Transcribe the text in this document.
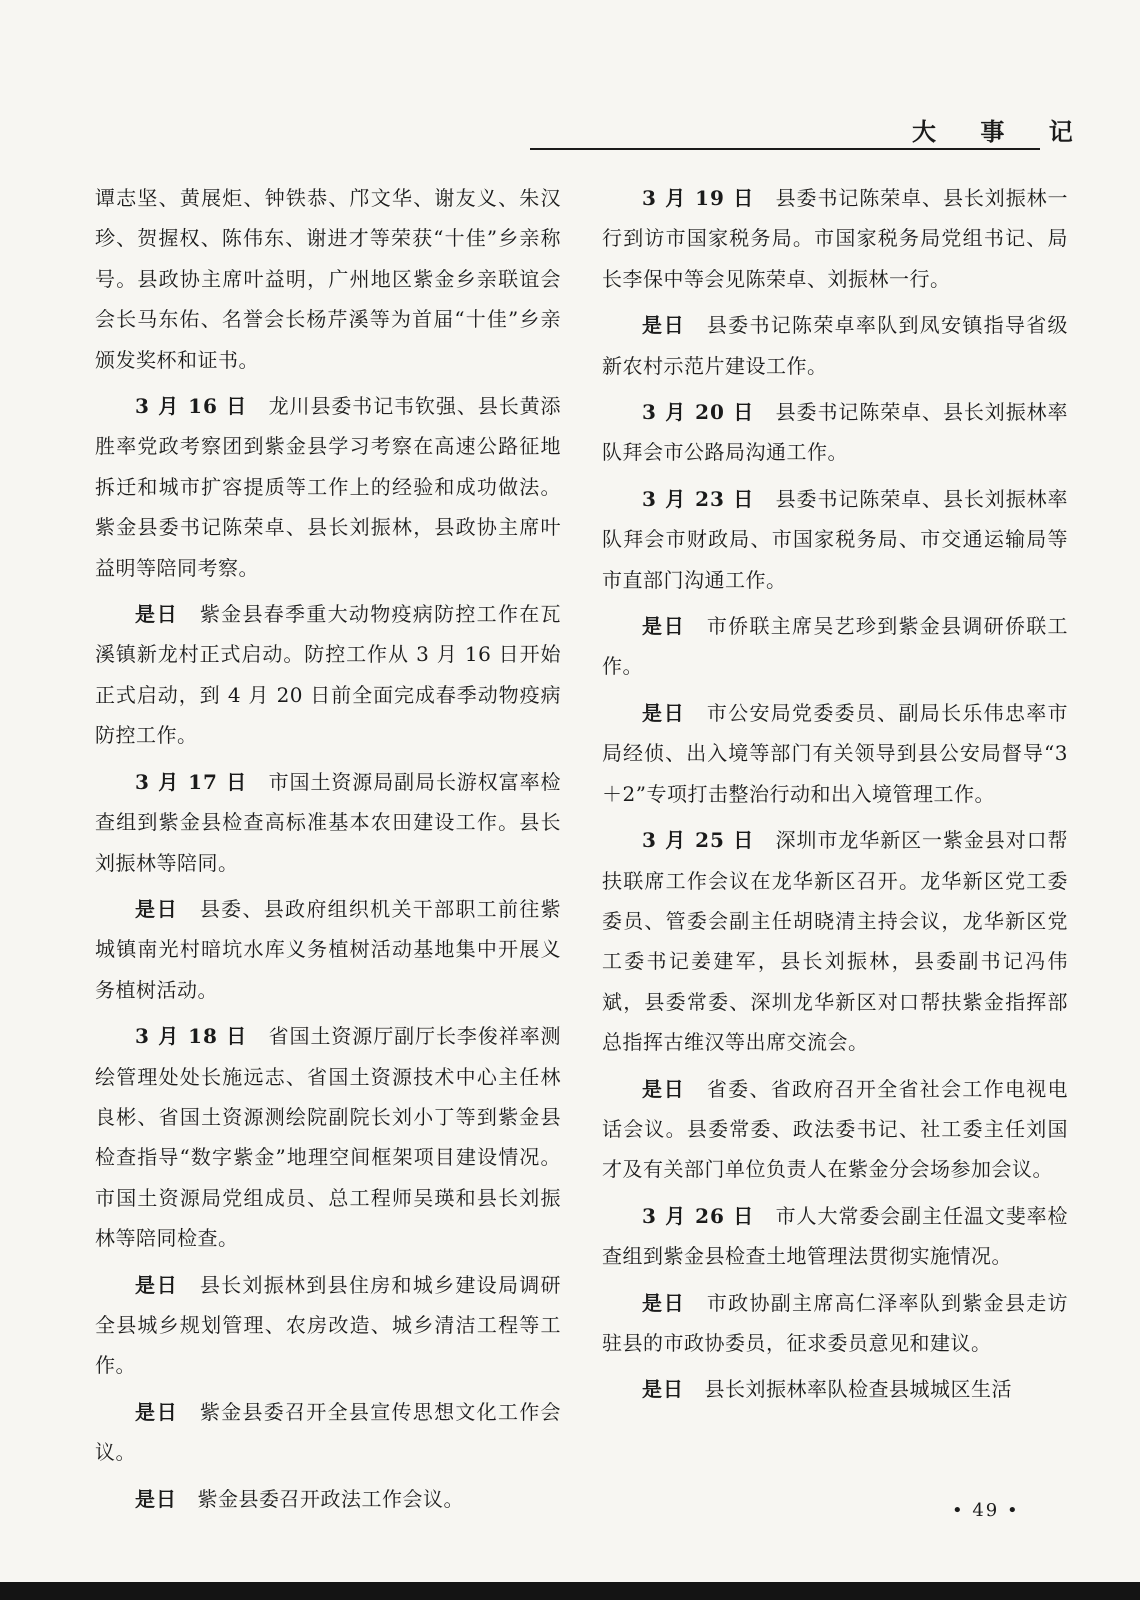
大 事 记

谭志坚、黄展炬、钟铁恭、邝文华、谢友义、朱汉珍、贺握权、陈伟东、谢进才等荣获“十佳”乡亲称号。县政协主席叶益明，广州地区紫金乡亲联谊会会长马东佑、名誉会长杨芹溪等为首届“十佳”乡亲颁发奖杯和证书。

3 月 16 日　 龙川县委书记韦钦强、县长黄添胜率党政考察团到紫金县学习考察在高速公路征地拆迁和城市扩容提质等工作上的经验和成功做法。紫金县委书记陈荣卓、县长刘振林，县政协主席叶益明等陪同考察。

是日　 紫金县春季重大动物疫病防控工作在瓦溪镇新龙村正式启动。防控工作从 3 月 16 日开始正式启动，到 4 月 20 日前全面完成春季动物疫病防控工作。

3 月 17 日　 市国土资源局副局长游权富率检查组到紫金县检查高标准基本农田建设工作。县长刘振林等陪同。

是日　 县委、县政府组织机关干部职工前往紫城镇南光村暗坑水库义务植树活动基地集中开展义务植树活动。

3 月 18 日　 省国土资源厅副厅长李俊祥率测绘管理处处长施远志、省国土资源技术中心主任林良彬、省国土资源测绘院副院长刘小丁等到紫金县检查指导“数字紫金”地理空间框架项目建设情况。市国土资源局党组成员、总工程师吴瑛和县长刘振林等陪同检查。

是日　 县长刘振林到县住房和城乡建设局调研全县城乡规划管理、农房改造、城乡清洁工程等工作。

是日　 紫金县委召开全县宣传思想文化工作会议。

是日　 紫金县委召开政法工作会议。

3 月 19 日　 县委书记陈荣卓、县长刘振林一行到访市国家税务局。市国家税务局党组书记、局长李保中等会见陈荣卓、刘振林一行。

是日　 县委书记陈荣卓率队到凤安镇指导省级新农村示范片建设工作。

3 月 20 日　 县委书记陈荣卓、县长刘振林率队拜会市公路局沟通工作。

3 月 23 日　 县委书记陈荣卓、县长刘振林率队拜会市财政局、市国家税务局、市交通运输局等市直部门沟通工作。

是日　 市侨联主席吴艺珍到紫金县调研侨联工作。

是日　 市公安局党委委员、副局长乐伟忠率市局经侦、出入境等部门有关领导到县公安局督导“3＋2”专项打击整治行动和出入境管理工作。

3 月 25 日　 深圳市龙华新区一紫金县对口帮扶联席工作会议在龙华新区召开。龙华新区党工委委员、管委会副主任胡晓清主持会议，龙华新区党工委书记姜建军，县长刘振林，县委副书记冯伟斌，县委常委、深圳龙华新区对口帮扶紫金指挥部总指挥古维汉等出席交流会。

是日　 省委、省政府召开全省社会工作电视电话会议。县委常委、政法委书记、社工委主任刘国才及有关部门单位负责人在紫金分会场参加会议。

3 月 26 日　 市人大常委会副主任温文斐率检查组到紫金县检查土地管理法贯彻实施情况。

是日　 市政协副主席高仁泽率队到紫金县走访驻县的市政协委员，征求委员意见和建议。

是日　 县长刘振林率队检查县城城区生活

• 49 •
